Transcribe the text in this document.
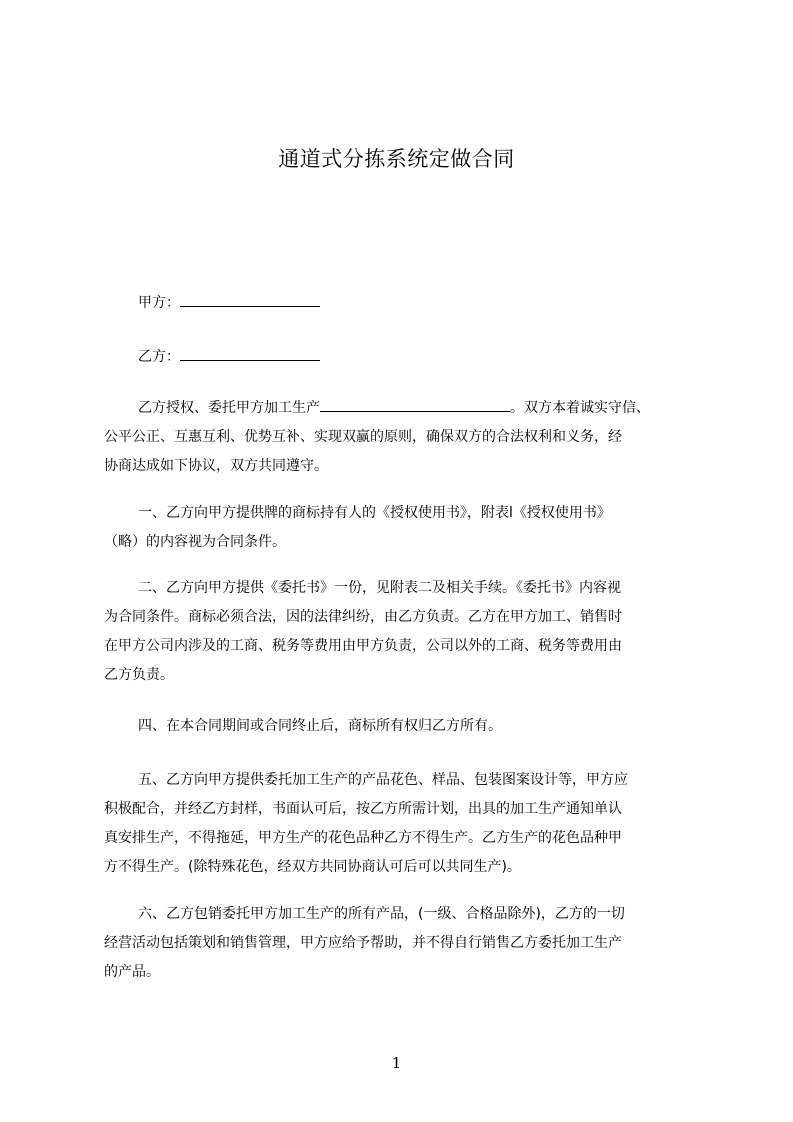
通道式分拣系统定做合同
甲方：
乙方：
乙方授权、委托甲方加工生产	。双方本着诚实守信、
公平公正、互惠互利、优势互补、实现双赢的原则，确保双方的合法权利和义务，经
协商达成如下协议，双方共同遵守。
一、乙方向甲方提供牌的商标持有人的《授权使用书》，附表l《授权使用书》
（略）的内容视为合同条件。
二、乙方向甲方提供《委托书》一份，见附表二及相关手续。《委托书》内容视
为合同条件。商标必须合法，因的法律纠纷，由乙方负责。乙方在甲方加工、销售时
在甲方公司内涉及的工商、税务等费用由甲方负责，公司以外的工商、税务等费用由
乙方负责。
四、在本合同期间或合同终止后，商标所有权归乙方所有。
五、乙方向甲方提供委托加工生产的产品花色、样品、包装图案设计等，甲方应
积极配合，并经乙方封样，书面认可后，按乙方所需计划，出具的加工生产通知单认
真安排生产，不得拖延，甲方生产的花色品种乙方不得生产。乙方生产的花色品种甲
方不得生产。(除特殊花色，经双方共同协商认可后可以共同生产)。
六、乙方包销委托甲方加工生产的所有产品，(一级、合格品除外)，乙方的一切
经营活动包括策划和销售管理，甲方应给予帮助，并不得自行销售乙方委托加工生产
的产品。
1
